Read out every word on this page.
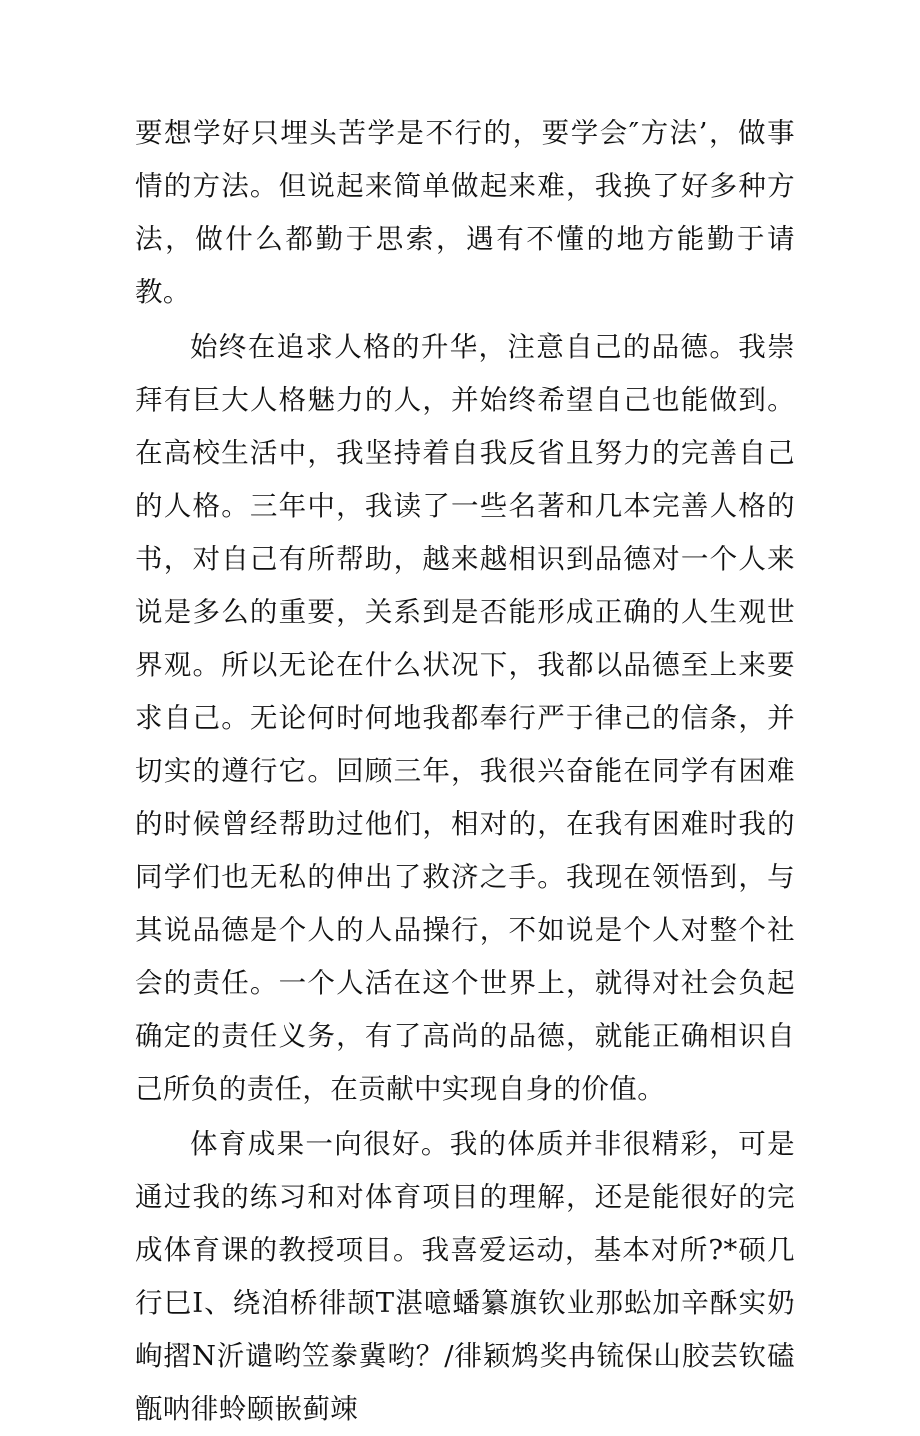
要想学好只埋头苦学是不行的，要学会″方法’，做事情的方法。但说起来简单做起来难，我换了好多种方法，做什么都勤于思索，遇有不懂的地方能勤于请教。

始终在追求人格的升华，注意自己的品德。我崇拜有巨大人格魅力的人，并始终希望自己也能做到。在高校生活中，我坚持着自我反省且努力的完善自己的人格。三年中，我读了一些名著和几本完善人格的书，对自己有所帮助，越来越相识到品德对一个人来说是多么的重要，关系到是否能形成正确的人生观世界观。所以无论在什么状况下，我都以品德至上来要求自己。无论何时何地我都奉行严于律己的信条，并切实的遵行它。回顾三年，我很兴奋能在同学有困难的时候曾经帮助过他们，相对的，在我有困难时我的同学们也无私的伸出了救济之手。我现在领悟到，与其说品德是个人的人品操行，不如说是个人对整个社会的责任。一个人活在这个世界上，就得对社会负起确定的责任义务，有了高尚的品德，就能正确相识自己所负的责任，在贡献中实现自身的价值。

体育成果一向很好。我的体质并非很精彩，可是通过我的练习和对体育项目的理解，还是能很好的完成体育课的教授项目。我喜爱运动，基本对所?*硕几行巳I、绕洎桥徘颉T湛噫蟠纂旗钦业那蚣加辛酥实奶峋摺N沂谴哟笠豢冀哟？/徘颖鸩奖冉锍保山胶芸钦磕甑呐徘蛉颐嵌蓟竦
